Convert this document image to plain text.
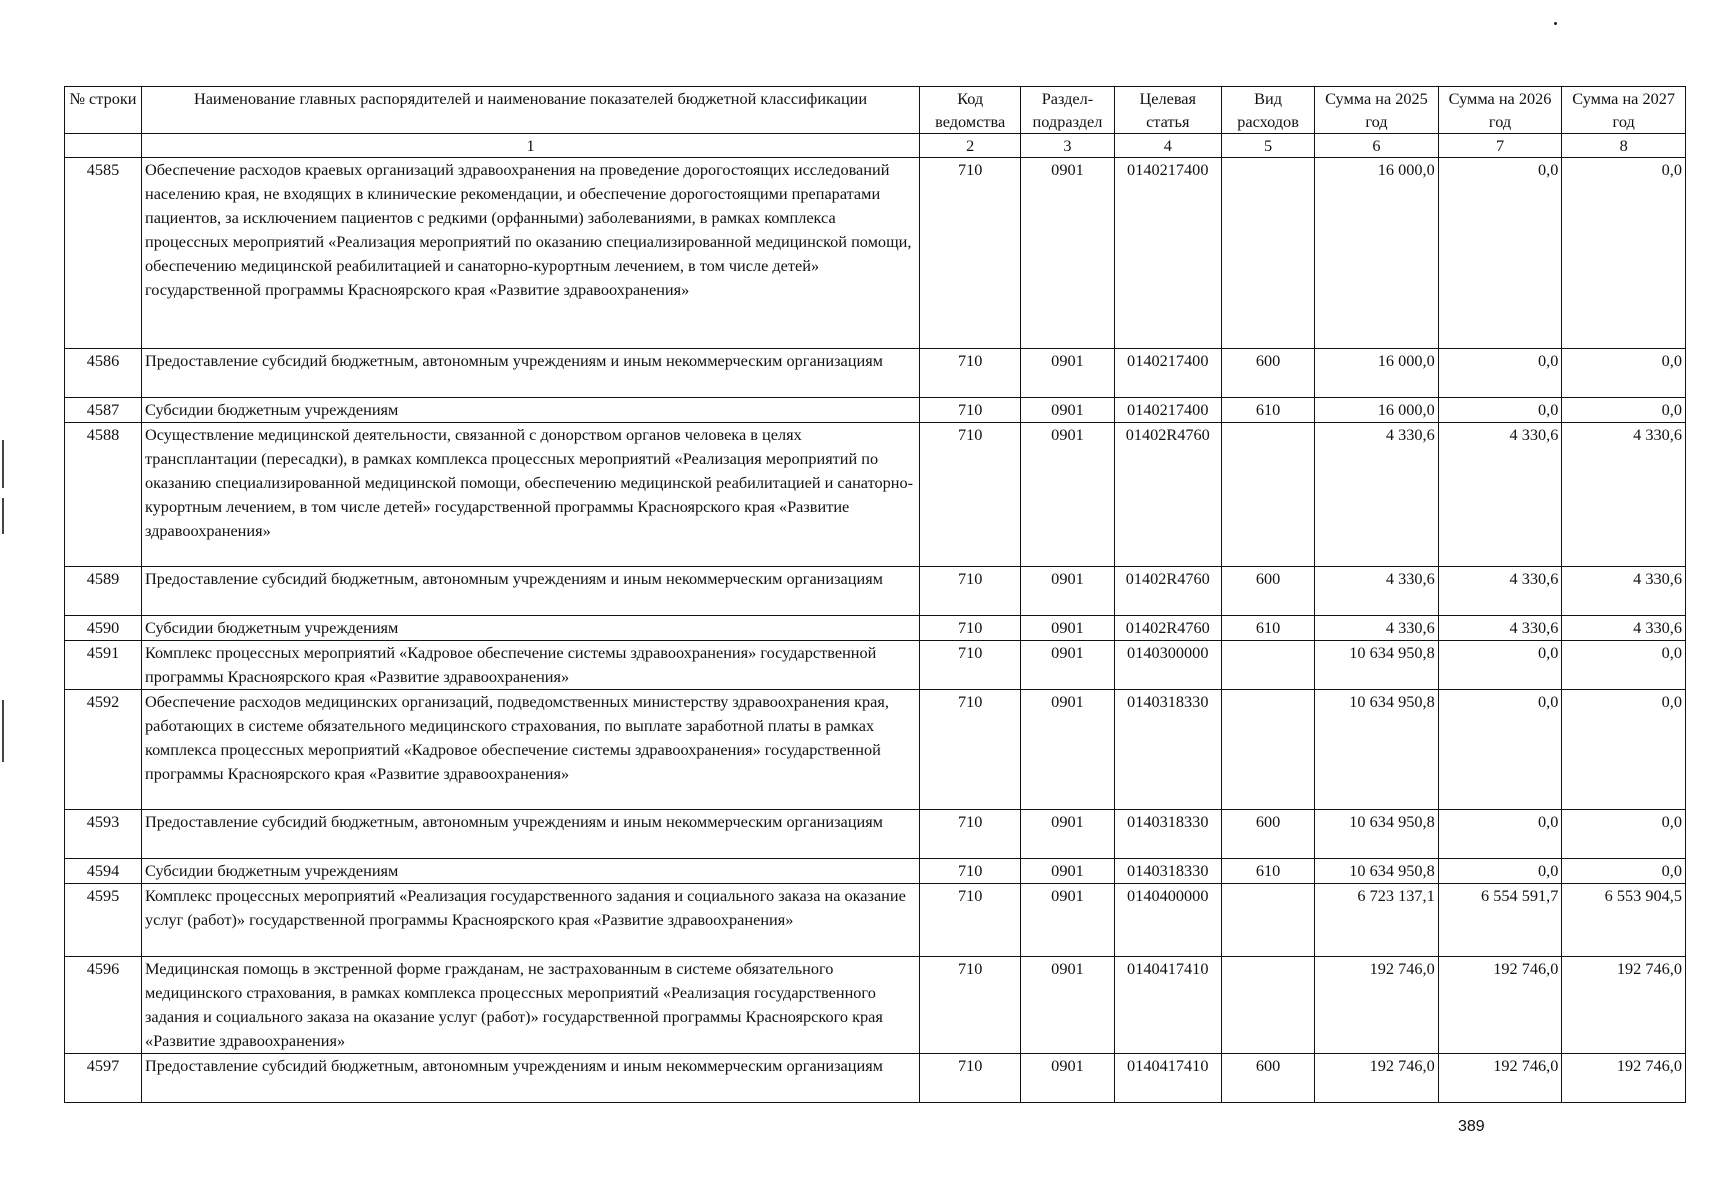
№ строки	Наименование главных распорядителей и наименование показателей бюджетной классификации	Код ведомства	Раздел-подраздел	Целевая статья	Вид расходов	Сумма на 2025 год	Сумма на 2026 год	Сумма на 2027 год
	1	2	3	4	5	6	7	8
4585	Обеспечение расходов краевых организаций здравоохранения на проведение дорогостоящих исследований населению края, не входящих в клинические рекомендации, и обеспечение дорогостоящими препаратами пациентов, за исключением пациентов с редкими (орфанными) заболеваниями, в рамках комплекса процессных мероприятий «Реализация мероприятий по оказанию специализированной медицинской помощи, обеспечению медицинской реабилитацией и санаторно-курортным лечением, в том числе детей» государственной программы Красноярского края «Развитие здравоохранения»	710	0901	0140217400		16 000,0	0,0	0,0
4586	Предоставление субсидий бюджетным, автономным учреждениям и иным некоммерческим организациям	710	0901	0140217400	600	16 000,0	0,0	0,0
4587	Субсидии бюджетным учреждениям	710	0901	0140217400	610	16 000,0	0,0	0,0
4588	Осуществление медицинской деятельности, связанной с донорством органов человека в целях трансплантации (пересадки), в рамках комплекса процессных мероприятий «Реализация мероприятий по оказанию специализированной медицинской помощи, обеспечению медицинской реабилитацией и санаторно-курортным лечением, в том числе детей» государственной программы Красноярского края «Развитие здравоохранения»	710	0901	01402R4760		4 330,6	4 330,6	4 330,6
4589	Предоставление субсидий бюджетным, автономным учреждениям и иным некоммерческим организациям	710	0901	01402R4760	600	4 330,6	4 330,6	4 330,6
4590	Субсидии бюджетным учреждениям	710	0901	01402R4760	610	4 330,6	4 330,6	4 330,6
4591	Комплекс процессных мероприятий «Кадровое обеспечение системы здравоохранения» государственной программы Красноярского края «Развитие здравоохранения»	710	0901	0140300000		10 634 950,8	0,0	0,0
4592	Обеспечение расходов медицинских организаций, подведомственных министерству здравоохранения края, работающих в системе обязательного медицинского страхования, по выплате заработной платы в рамках комплекса процессных мероприятий «Кадровое обеспечение системы здравоохранения» государственной программы Красноярского края «Развитие здравоохранения»	710	0901	0140318330		10 634 950,8	0,0	0,0
4593	Предоставление субсидий бюджетным, автономным учреждениям и иным некоммерческим организациям	710	0901	0140318330	600	10 634 950,8	0,0	0,0
4594	Субсидии бюджетным учреждениям	710	0901	0140318330	610	10 634 950,8	0,0	0,0
4595	Комплекс процессных мероприятий «Реализация государственного задания и социального заказа на оказание услуг (работ)» государственной программы Красноярского края «Развитие здравоохранения»	710	0901	0140400000		6 723 137,1	6 554 591,7	6 553 904,5
4596	Медицинская помощь в экстренной форме гражданам, не застрахованным в системе обязательного медицинского страхования, в рамках комплекса процессных мероприятий «Реализация государственного задания и социального заказа на оказание услуг (работ)» государственной программы Красноярского края «Развитие здравоохранения»	710	0901	0140417410		192 746,0	192 746,0	192 746,0
4597	Предоставление субсидий бюджетным, автономным учреждениям и иным некоммерческим организациям	710	0901	0140417410	600	192 746,0	192 746,0	192 746,0
389
